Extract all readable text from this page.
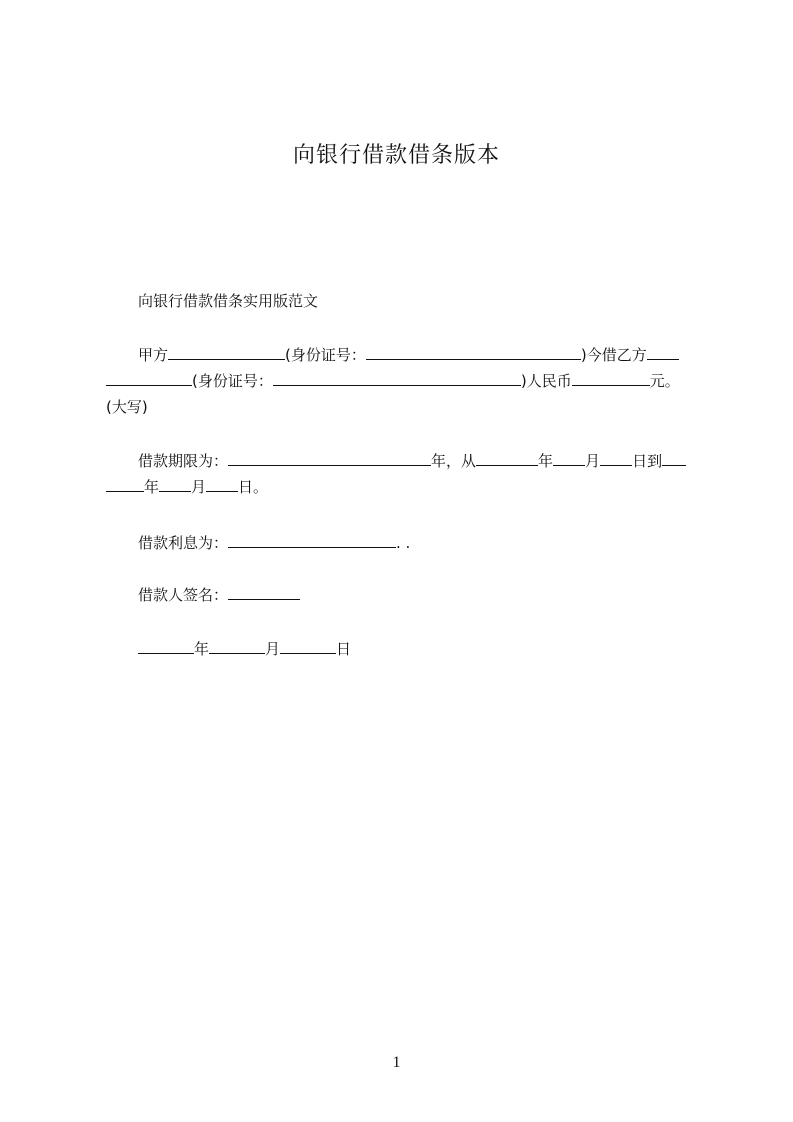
向银行借款借条版本
向银行借款借条实用版范文
甲方	(身份证号：	)今借乙方
(身份证号：	)人民币	元。
(大写)
借款期限为：	年，从	年 月 日到
年 月 日。
借款利息为：	. .
借款人签名：
年	月	日
1
